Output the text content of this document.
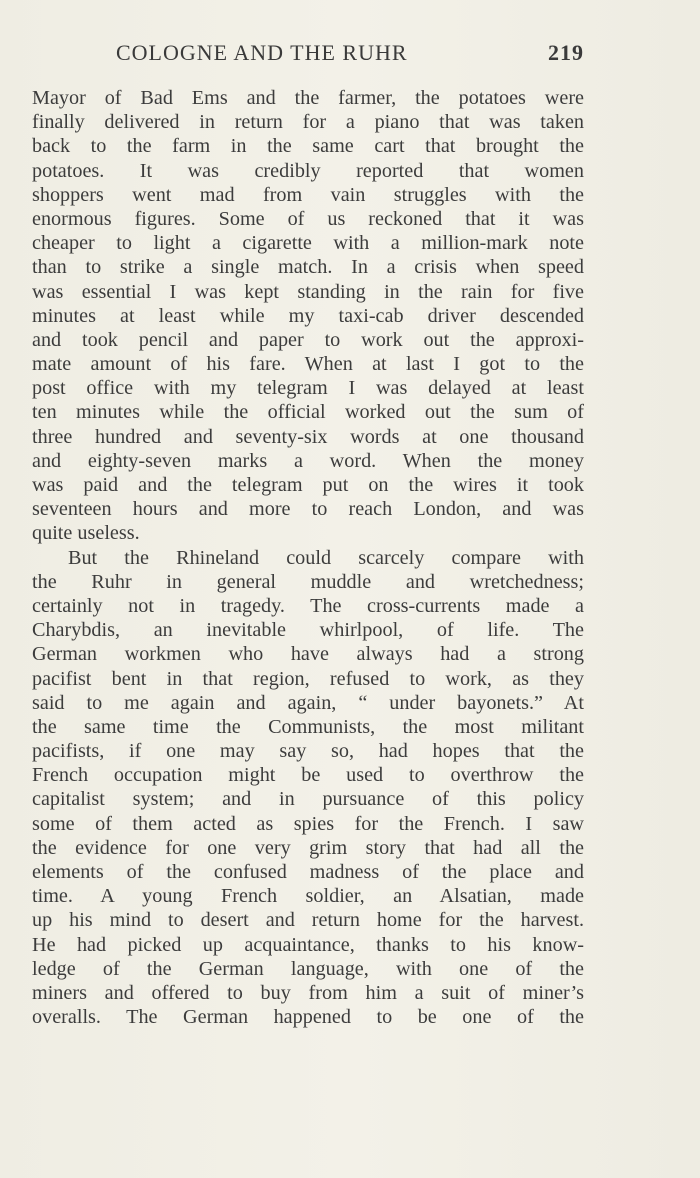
COLOGNE AND THE RUHR	219
Mayor of Bad Ems and the farmer, the potatoes were
finally delivered in return for a piano that was taken
back to the farm in the same cart that brought the
potatoes. It was credibly reported that women
shoppers went mad from vain struggles with the
enormous figures. Some of us reckoned that it was
cheaper to light a cigarette with a million-mark note
than to strike a single match. In a crisis when speed
was essential I was kept standing in the rain for five
minutes at least while my taxi-cab driver descended
and took pencil and paper to work out the approxi-
mate amount of his fare. When at last I got to the
post office with my telegram I was delayed at least
ten minutes while the official worked out the sum of
three hundred and seventy-six words at one thousand
and eighty-seven marks a word. When the money
was paid and the telegram put on the wires it took
seventeen hours and more to reach London, and was
quite useless.
But the Rhineland could scarcely compare with
the Ruhr in general muddle and wretchedness;
certainly not in tragedy. The cross-currents made a
Charybdis, an inevitable whirlpool, of life. The
German workmen who have always had a strong
pacifist bent in that region, refused to work, as they
said to me again and again, “ under bayonets.” At
the same time the Communists, the most militant
pacifists, if one may say so, had hopes that the
French occupation might be used to overthrow the
capitalist system; and in pursuance of this policy
some of them acted as spies for the French. I saw
the evidence for one very grim story that had all the
elements of the confused madness of the place and
time. A young French soldier, an Alsatian, made
up his mind to desert and return home for the harvest.
He had picked up acquaintance, thanks to his know-
ledge of the German language, with one of the
miners and offered to buy from him a suit of miner’s
overalls. The German happened to be one of the
